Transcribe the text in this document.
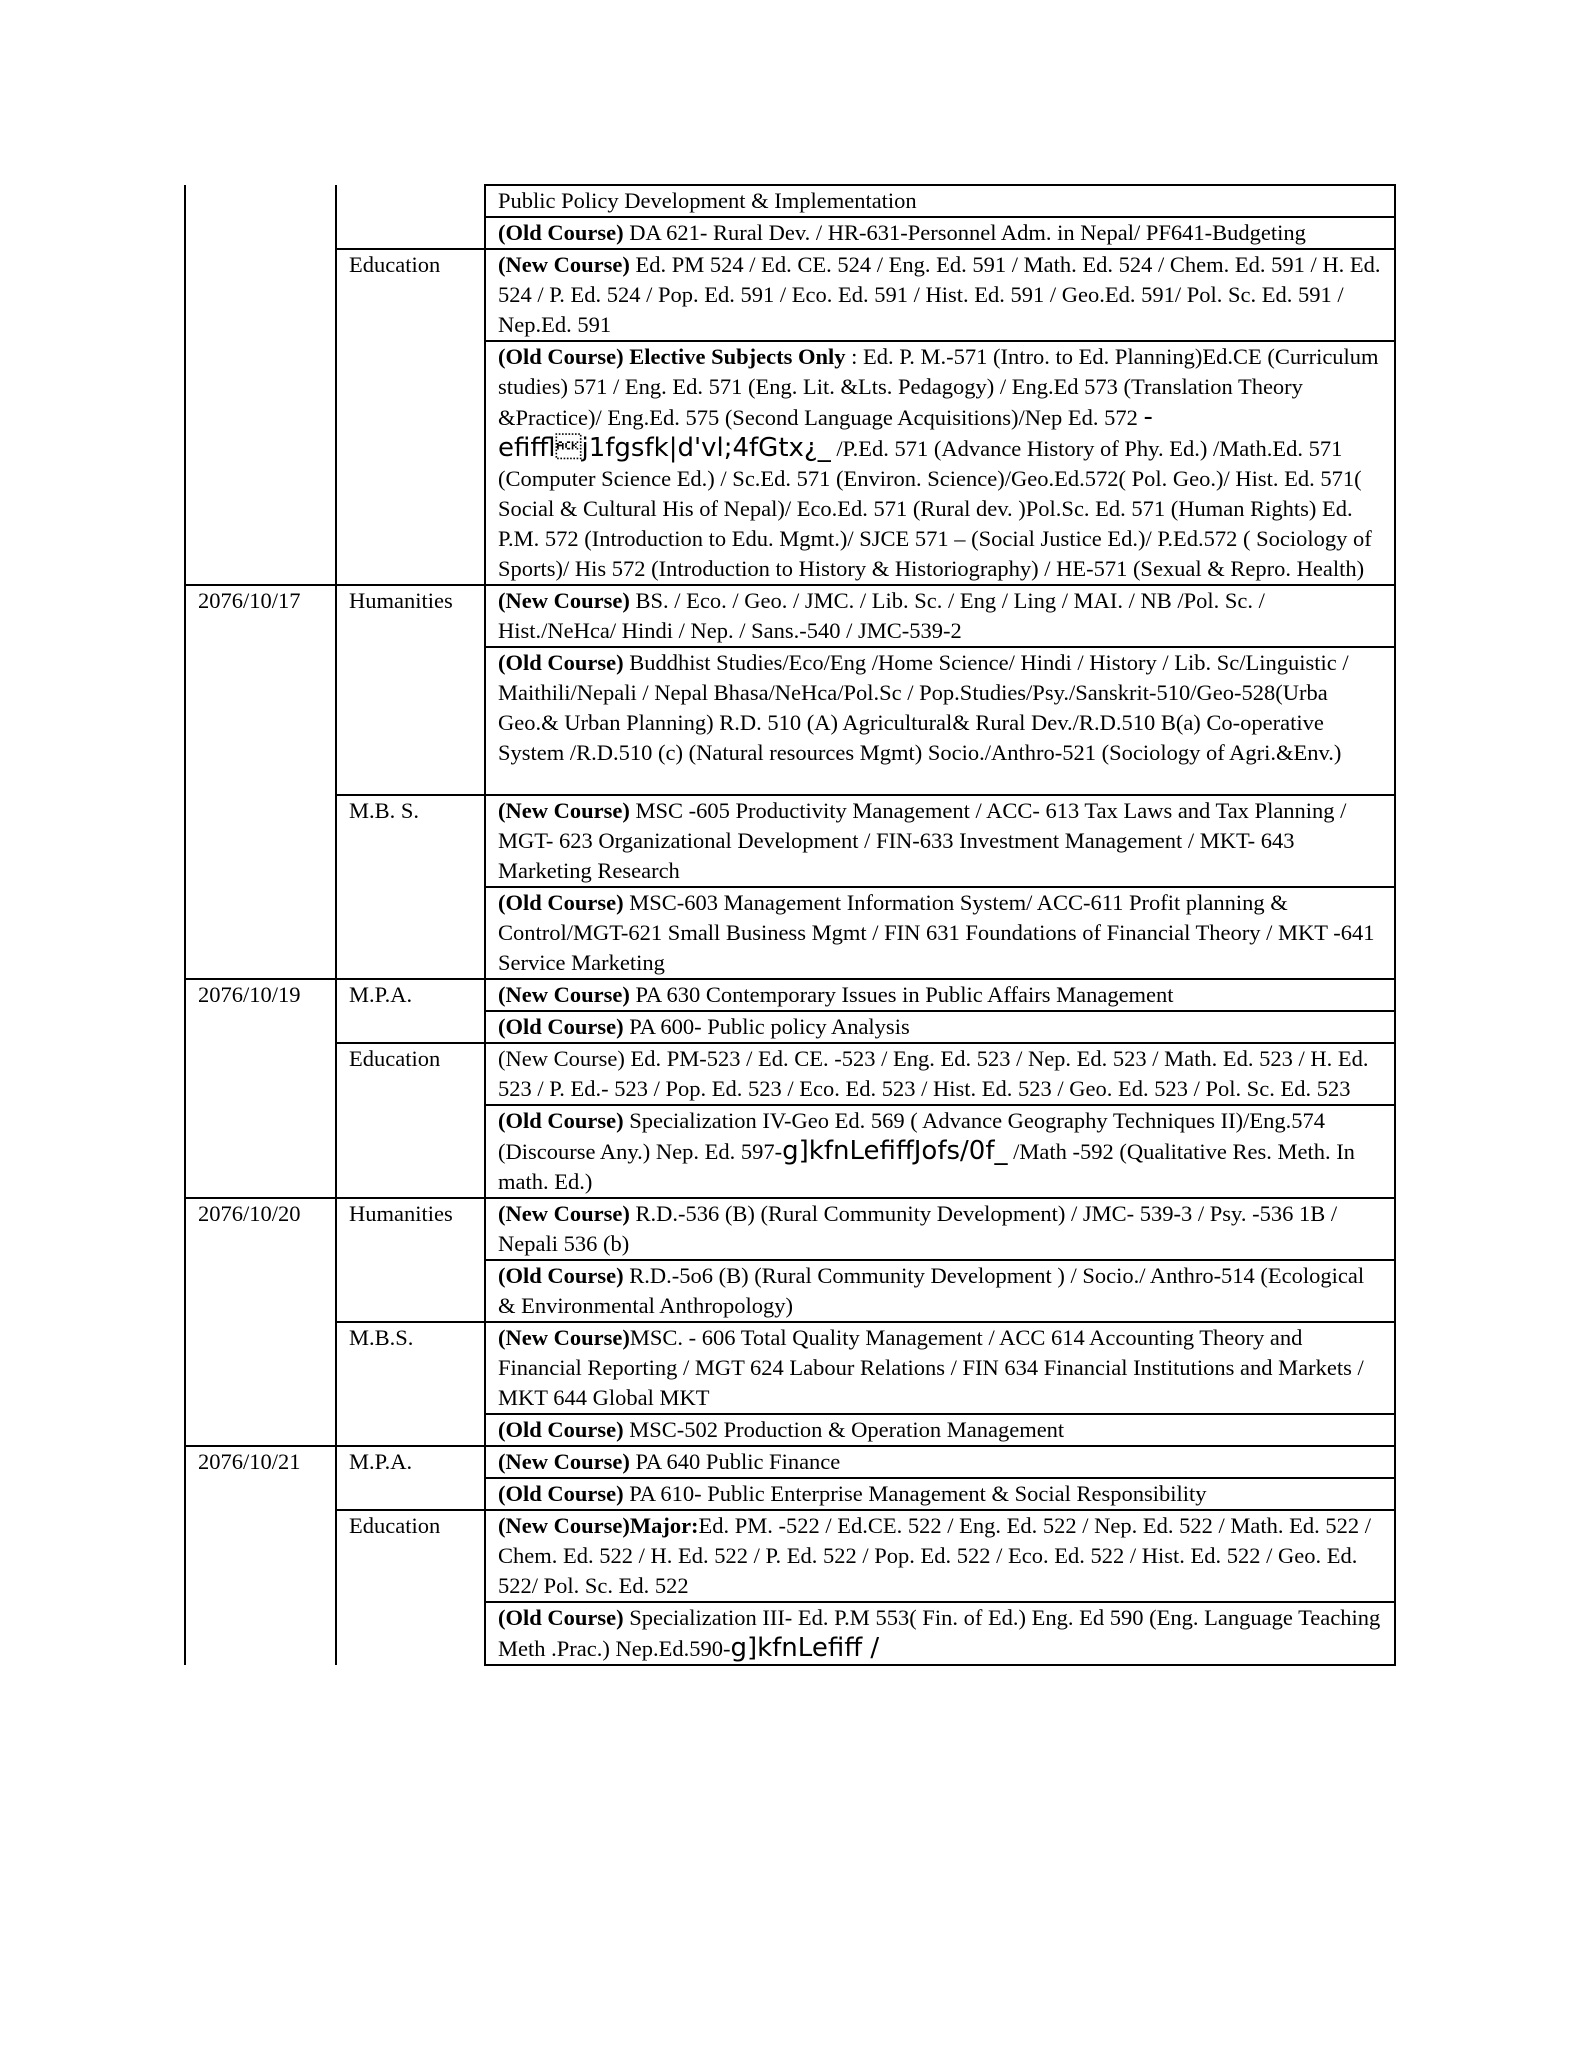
		Public Policy Development & Implementation
		(Old Course) DA 621- Rural Dev. / HR-631-Personnel Adm. in Nepal/ PF641-Budgeting
	Education	(New Course) Ed. PM 524 / Ed. CE. 524 / Eng. Ed. 591 / Math. Ed. 524 / Chem. Ed. 591 / H. Ed. 524 / P. Ed. 524 / Pop. Ed. 591 / Eco. Ed. 591 / Hist. Ed. 591 / Geo.Ed. 591/ Pol. Sc. Ed. 591 / Nep.Ed. 591
		(Old Course) Elective Subjects Only : Ed. P. M.-571 (Intro. to Ed. Planning)Ed.CE (Curriculum studies) 571 / Eng. Ed. 571 (Eng. Lit. &Lts. Pedagogy) / Eng.Ed 573 (Translation Theory &Practice)/ Eng.Ed. 575 (Second Language Acquisitions)/Nep Ed. 572 -efifflj1fgsfk|d'vl;4fGtx¿_ /P.Ed. 571 (Advance History of Phy. Ed.) /Math.Ed. 571 (Computer Science Ed.) / Sc.Ed. 571 (Environ. Science)/Geo.Ed.572( Pol. Geo.)/ Hist. Ed. 571( Social & Cultural His of Nepal)/ Eco.Ed. 571 (Rural dev. )Pol.Sc. Ed. 571 (Human Rights) Ed. P.M. 572 (Introduction to Edu. Mgmt.)/ SJCE 571 – (Social Justice Ed.)/ P.Ed.572 ( Sociology of Sports)/ His 572 (Introduction to History & Historiography) / HE-571 (Sexual & Repro. Health)
2076/10/17	Humanities	(New Course) BS. / Eco. / Geo. / JMC. / Lib. Sc. / Eng / Ling / MAI. / NB /Pol. Sc. / Hist./NeHca/ Hindi / Nep. / Sans.-540 / JMC-539-2
		(Old Course) Buddhist Studies/Eco/Eng /Home Science/ Hindi / History / Lib. Sc/Linguistic / Maithili/Nepali / Nepal Bhasa/NeHca/Pol.Sc / Pop.Studies/Psy./Sanskrit-510/Geo-528(Urba Geo.& Urban Planning) R.D. 510 (A) Agricultural& Rural Dev./R.D.510 B(a) Co-operative System /R.D.510 (c) (Natural resources Mgmt) Socio./Anthro-521 (Sociology of Agri.&Env.)
	M.B. S.	(New Course) MSC -605 Productivity Management / ACC- 613 Tax Laws and Tax Planning / MGT- 623 Organizational Development / FIN-633 Investment Management / MKT- 643 Marketing Research
		(Old Course) MSC-603 Management Information System/ ACC-611 Profit planning & Control/MGT-621 Small Business Mgmt / FIN 631 Foundations of Financial Theory / MKT -641 Service Marketing
2076/10/19	M.P.A.	(New Course) PA 630 Contemporary Issues in Public Affairs Management
		(Old Course) PA 600- Public policy Analysis
	Education	(New Course) Ed. PM-523 / Ed. CE. -523 / Eng. Ed. 523 / Nep. Ed. 523 / Math. Ed. 523 / H. Ed. 523 / P. Ed.- 523 / Pop. Ed. 523 / Eco. Ed. 523 / Hist. Ed. 523 / Geo. Ed. 523 / Pol. Sc. Ed. 523
		(Old Course) Specialization IV-Geo Ed. 569 ( Advance Geography Techniques II)/Eng.574 (Discourse Any.) Nep. Ed. 597-g]kfnLefiffJofs/0f_ /Math -592 (Qualitative Res. Meth. In math. Ed.)
2076/10/20	Humanities	(New Course) R.D.-536 (B) (Rural Community Development) / JMC- 539-3 / Psy. -536 1B / Nepali 536 (b)
		(Old Course) R.D.-5o6 (B) (Rural Community Development ) / Socio./ Anthro-514 (Ecological & Environmental Anthropology)
	M.B.S.	(New Course)MSC. - 606 Total Quality Management / ACC 614 Accounting Theory and Financial Reporting / MGT 624 Labour Relations / FIN 634 Financial Institutions and Markets / MKT 644 Global MKT
		(Old Course) MSC-502 Production & Operation Management
2076/10/21	M.P.A.	(New Course) PA 640 Public Finance
		(Old Course) PA 610- Public Enterprise Management & Social Responsibility
	Education	(New Course)Major:Ed. PM. -522 / Ed.CE. 522 / Eng. Ed. 522 / Nep. Ed. 522 / Math. Ed. 522 / Chem. Ed. 522 / H. Ed. 522 / P. Ed. 522 / Pop. Ed. 522 / Eco. Ed. 522 / Hist. Ed. 522 / Geo. Ed. 522/ Pol. Sc. Ed. 522
		(Old Course) Specialization III- Ed. P.M 553( Fin. of Ed.) Eng. Ed 590 (Eng. Language Teaching Meth .Prac.) Nep.Ed.590-g]kfnLefiff /
